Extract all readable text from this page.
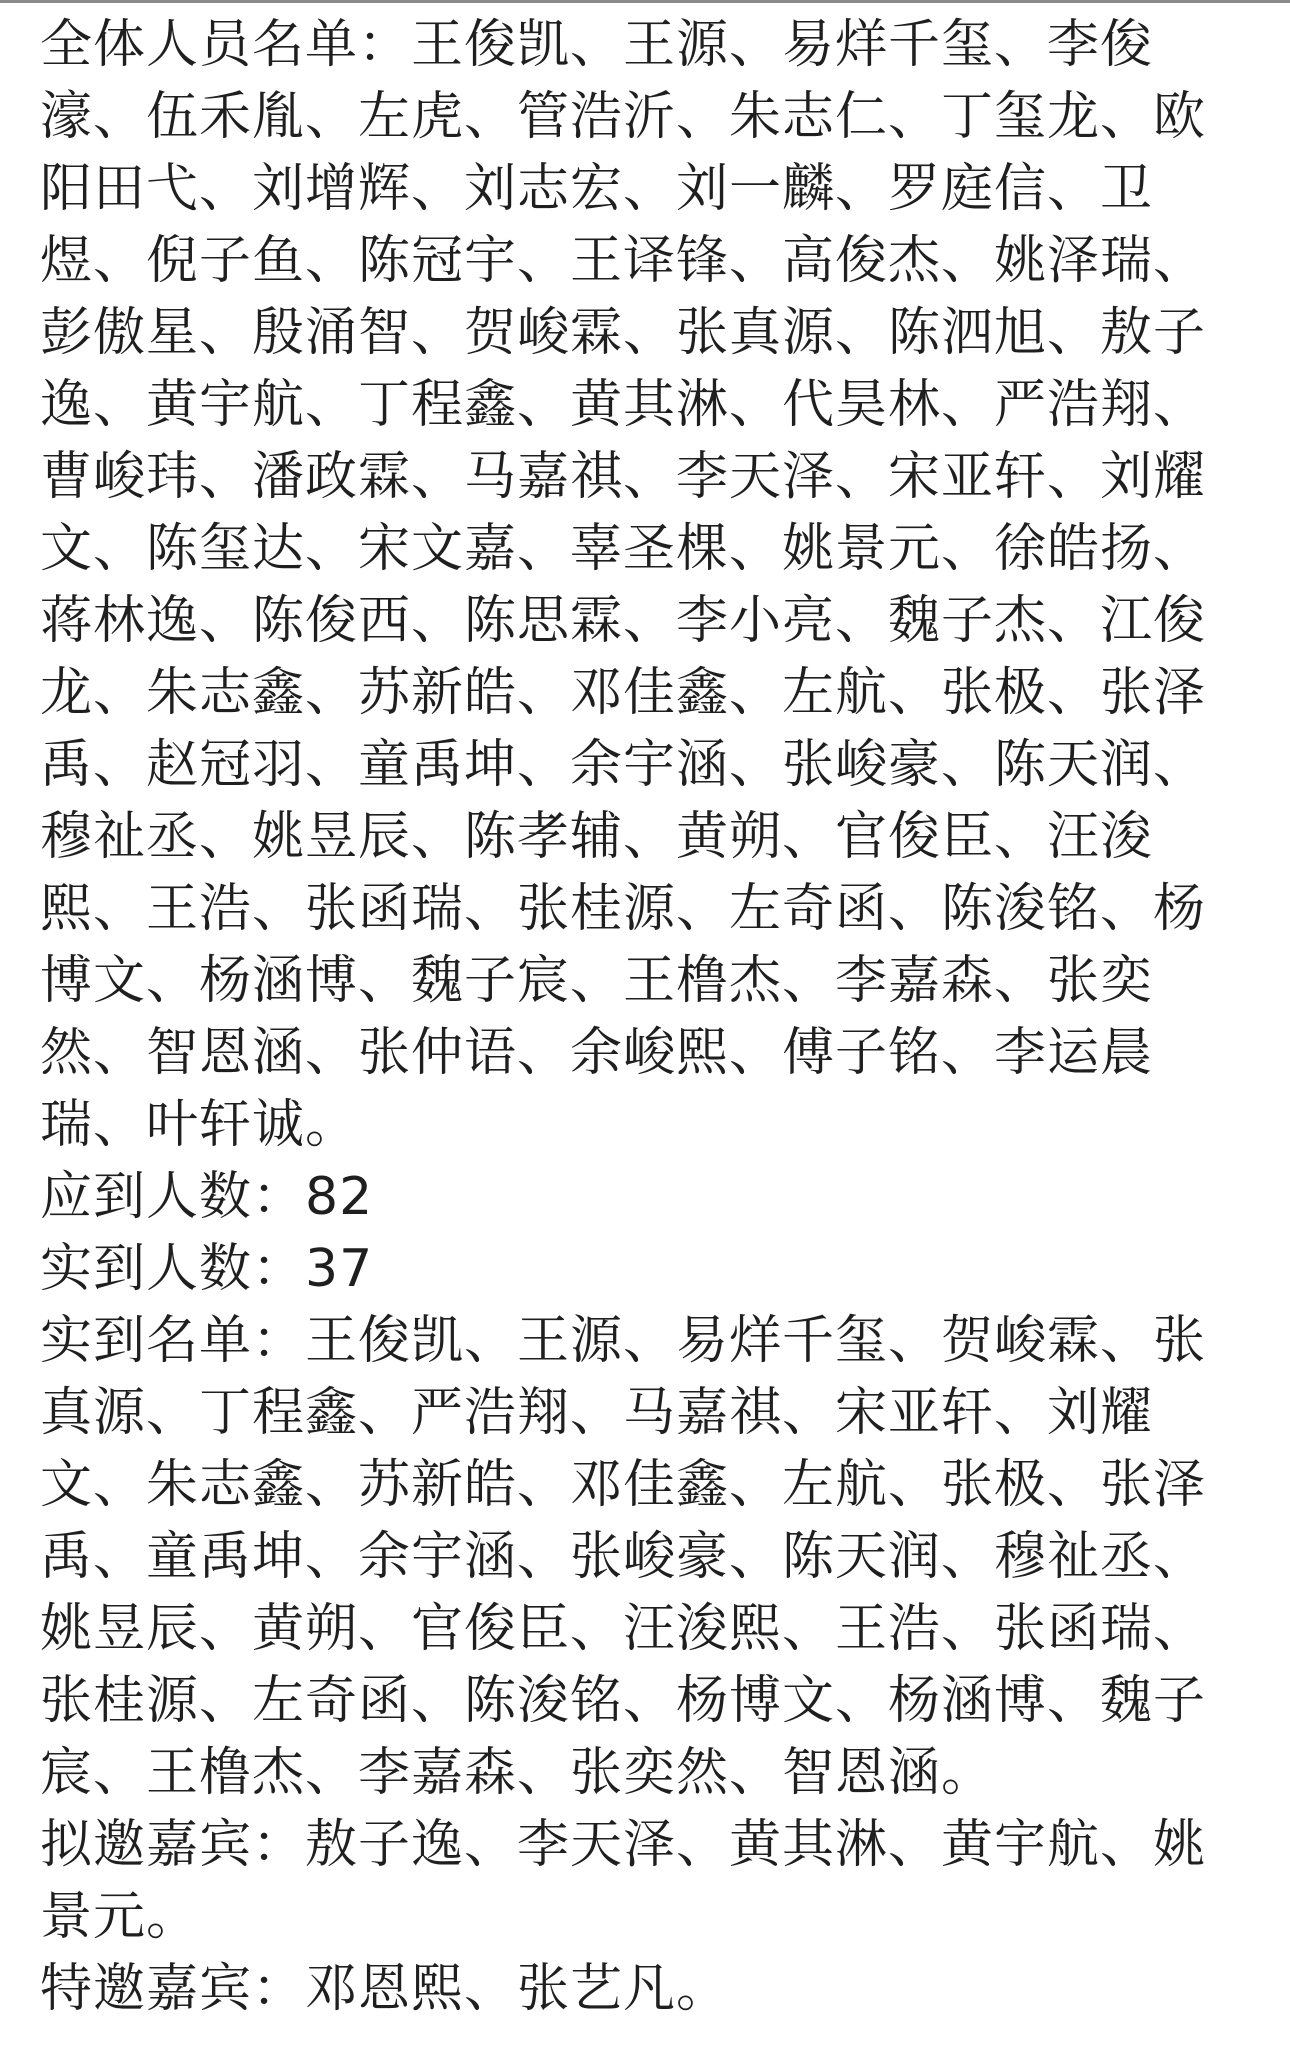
全体人员名单：王俊凯、王源、易烊千玺、李俊濠、伍禾胤、左虎、管浩沂、朱志仁、丁玺龙、欧阳田弋、刘增辉、刘志宏、刘一麟、罗庭信、卫煜、倪子鱼、陈冠宇、王译锋、高俊杰、姚泽瑞、彭傲星、殷涌智、贺峻霖、张真源、陈泗旭、敖子逸、黄宇航、丁程鑫、黄其淋、代昊林、严浩翔、曹峻玮、潘政霖、马嘉祺、李天泽、宋亚轩、刘耀文、陈玺达、宋文嘉、辜圣棵、姚景元、徐皓扬、蒋林逸、陈俊西、陈思霖、李小亮、魏子杰、江俊龙、朱志鑫、苏新皓、邓佳鑫、左航、张极、张泽禹、赵冠羽、童禹坤、余宇涵、张峻豪、陈天润、穆祉丞、姚昱辰、陈孝辅、黄朔、官俊臣、汪浚熙、王浩、张函瑞、张桂源、左奇函、陈浚铭、杨博文、杨涵博、魏子宸、王橹杰、李嘉森、张奕然、智恩涵、张仲语、余峻熙、傅子铭、李运晨瑞、叶轩诚。

应到人数：82

实到人数：37

实到名单：王俊凯、王源、易烊千玺、贺峻霖、张真源、丁程鑫、严浩翔、马嘉祺、宋亚轩、刘耀文、朱志鑫、苏新皓、邓佳鑫、左航、张极、张泽禹、童禹坤、余宇涵、张峻豪、陈天润、穆祉丞、姚昱辰、黄朔、官俊臣、汪浚熙、王浩、张函瑞、张桂源、左奇函、陈浚铭、杨博文、杨涵博、魏子宸、王橹杰、李嘉森、张奕然、智恩涵。

拟邀嘉宾：敖子逸、李天泽、黄其淋、黄宇航、姚景元。

特邀嘉宾：邓恩熙、张艺凡。
